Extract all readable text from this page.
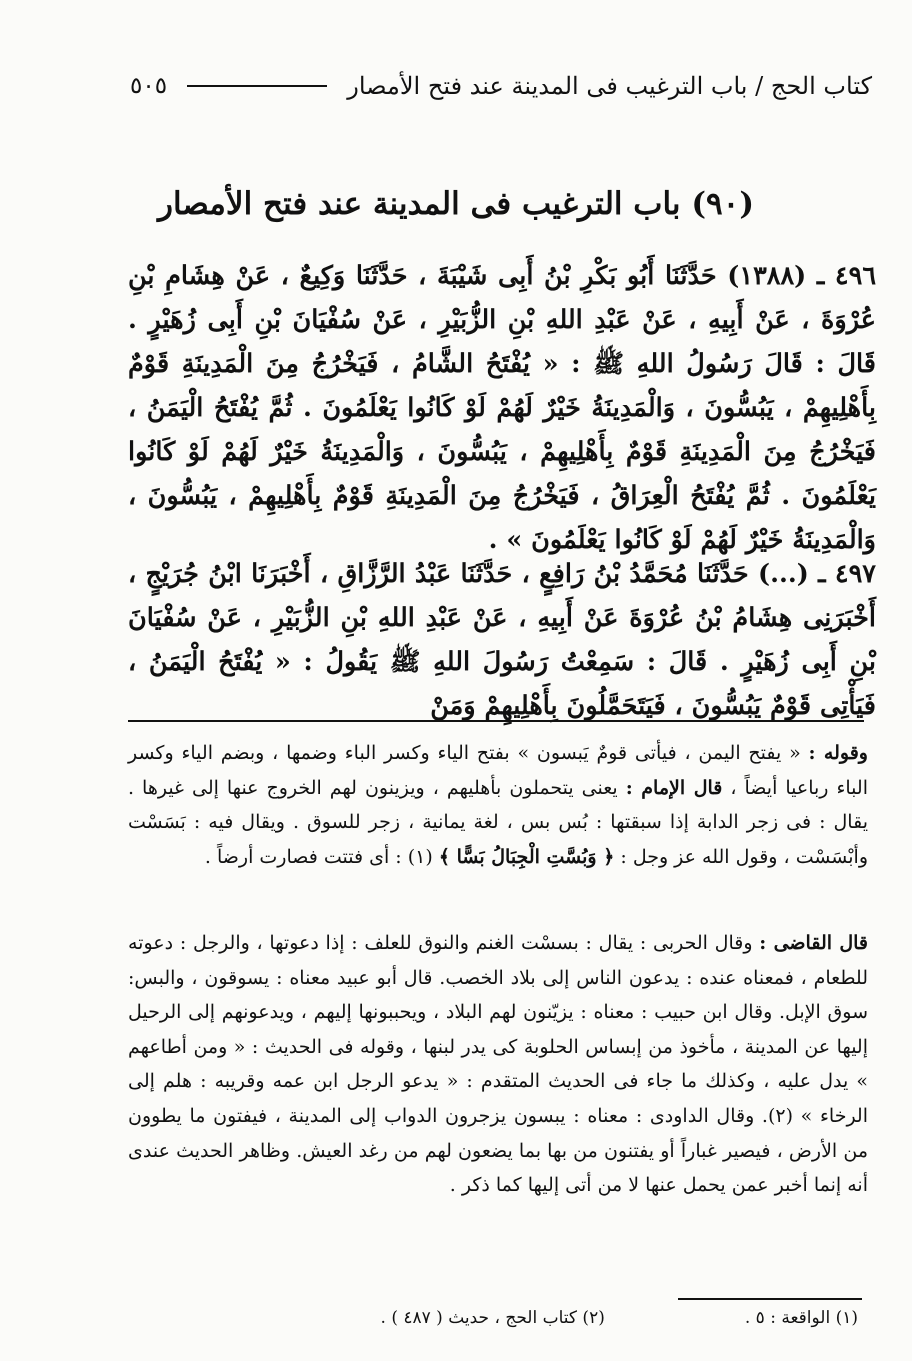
كتاب الحج / باب الترغيب فى المدينة عند فتح الأمصار
٥٠٥
(٩٠) باب الترغيب فى المدينة عند فتح الأمصار
٤٩٦ ـ (١٣٨٨) حَدَّثَنَا أَبُو بَكْرِ بْنُ أَبِى شَيْبَةَ ، حَدَّثَنَا وَكِيعٌ ، عَنْ هِشَامِ بْنِ عُرْوَةَ ، عَنْ أَبِيهِ ، عَنْ عَبْدِ اللهِ بْنِ الزُّبَيْرِ ، عَنْ سُفْيَانَ بْنِ أَبِى زُهَيْرٍ . قَالَ : قَالَ رَسُولُ اللهِ ﷺ : « يُفْتَحُ الشَّامُ ، فَيَخْرُجُ مِنَ الْمَدِينَةِ قَوْمٌ بِأَهْلِيهِمْ ، يَبُسُّونَ ، وَالْمَدِينَةُ خَيْرٌ لَهُمْ لَوْ كَانُوا يَعْلَمُونَ . ثُمَّ يُفْتَحُ الْيَمَنُ ، فَيَخْرُجُ مِنَ الْمَدِينَةِ قَوْمٌ بِأَهْلِيهِمْ ، يَبُسُّونَ ، وَالْمَدِينَةُ خَيْرٌ لَهُمْ لَوْ كَانُوا يَعْلَمُونَ . ثُمَّ يُفْتَحُ الْعِرَاقُ ، فَيَخْرُجُ مِنَ الْمَدِينَةِ قَوْمٌ بِأَهْلِيهِمْ ، يَبُسُّونَ ، وَالْمَدِينَةُ خَيْرٌ لَهُمْ لَوْ كَانُوا يَعْلَمُونَ » .
٤٩٧ ـ (...) حَدَّثَنَا مُحَمَّدُ بْنُ رَافِعٍ ، حَدَّثَنَا عَبْدُ الرَّزَّاقِ ، أَخْبَرَنَا ابْنُ جُرَيْجٍ ، أَخْبَرَنِى هِشَامُ بْنُ عُرْوَةَ عَنْ أَبِيهِ ، عَنْ عَبْدِ اللهِ بْنِ الزُّبَيْرِ ، عَنْ سُفْيَانَ بْنِ أَبِى زُهَيْرٍ . قَالَ : سَمِعْتُ رَسُولَ اللهِ ﷺ يَقُولُ : « يُفْتَحُ الْيَمَنُ ، فَيَأْتِى قَوْمٌ يَبُسُّونَ ، فَيَتَحَمَّلُونَ بِأَهْلِيهِمْ وَمَنْ
وقوله : « يفتح اليمن ، فيأتى قومٌ يَبسون » بفتح الياء وكسر الباء وضمها ، وبضم الياء وكسر الباء رباعيا أيضاً ، قال الإمام : يعنى يتحملون بأهليهم ، ويزينون لهم الخروج عنها إلى غيرها . يقال : فى زجر الدابة إذا سبقتها : بُس بس ، لغة يمانية ، زجر للسوق . ويقال فيه : بَسَسْت وأبْسَسْت ، وقول الله عز وجل : ﴿ وَبُسَّتِ الْجِبَالُ بَسًّا ﴾ (١) : أى فتتت فصارت أرضاً .
قال القاضى : وقال الحربى : يقال : بسسْت الغنم والنوق للعلف : إذا دعوتها ، والرجل : دعوته للطعام ، فمعناه عنده : يدعون الناس إلى بلاد الخصب. قال أبو عبيد معناه : يسوقون ، والبس: سوق الإبل. وقال ابن حبيب : معناه : يزيّنون لهم البلاد ، ويحببونها إليهم ، ويدعونهم إلى الرحيل إليها عن المدينة ، مأخوذ من إبساس الحلوبة كى يدر لبنها ، وقوله فى الحديث : « ومن أطاعهم » يدل عليه ، وكذلك ما جاء فى الحديث المتقدم : « يدعو الرجل ابن عمه وقريبه : هلم إلى الرخاء » (٢). وقال الداودى : معناه : يبسون يزجرون الدواب إلى المدينة ، فيفتون ما يطوون من الأرض ، فيصير غباراً أو يفتنون من بها بما يضعون لهم من رغد العيش. وظاهر الحديث عندى أنه إنما أخبر عمن يحمل عنها لا من أتى إليها كما ذكر .
(١) الواقعة : ٥ .
(٢) كتاب الحج ، حديث ( ٤٨٧ ) .
